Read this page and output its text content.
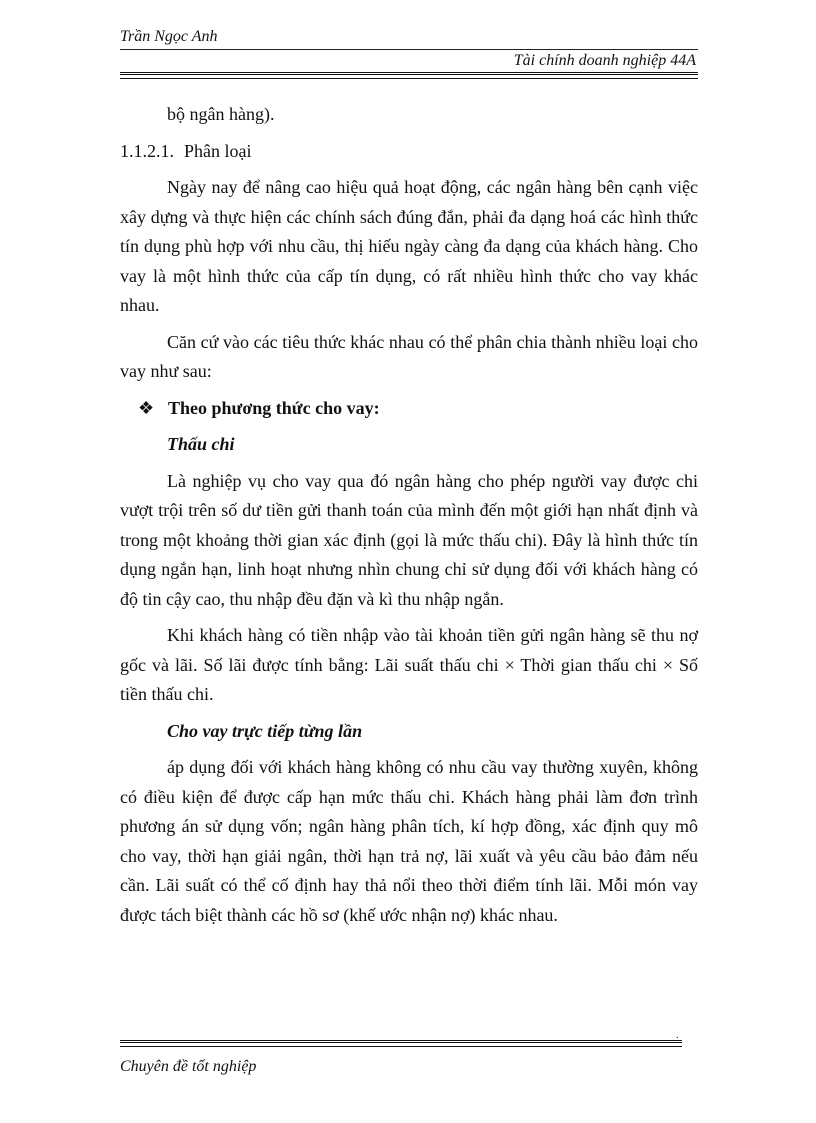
Trần Ngọc Anh
Tài chính doanh nghiệp 44A

bộ ngân hàng).

1.1.2.1. Phân loại

Ngày nay để nâng cao hiệu quả hoạt động, các ngân hàng bên cạnh việc xây dựng và thực hiện các chính sách đúng đắn, phải đa dạng hoá các hình thức tín dụng phù hợp với nhu cầu, thị hiếu ngày càng đa dạng của khách hàng. Cho vay là một hình thức của cấp tín dụng, có rất nhiều hình thức cho vay khác nhau.

Căn cứ vào các tiêu thức khác nhau có thể phân chia thành nhiều loại cho vay như sau:

❖ Theo phương thức cho vay:
Thấu chi

Là nghiệp vụ cho vay qua đó ngân hàng cho phép người vay được chi vượt trội trên số dư tiền gửi thanh toán của mình đến một giới hạn nhất định và trong một khoảng thời gian xác định (gọi là mức thấu chi). Đây là hình thức tín dụng ngắn hạn, linh hoạt nhưng nhìn chung chỉ sử dụng đối với khách hàng có độ tin cậy cao, thu nhập đều đặn và kì thu nhập ngắn.

Khi khách hàng có tiền nhập vào tài khoản tiền gửi ngân hàng sẽ thu nợ gốc và lãi. Số lãi được tính bằng: Lãi suất thấu chi × Thời gian thấu chi × Số tiền thấu chi.

Cho vay trực tiếp từng lần

áp dụng đối với khách hàng không có nhu cầu vay thường xuyên, không có điều kiện để được cấp hạn mức thấu chi. Khách hàng phải làm đơn trình phương án sử dụng vốn; ngân hàng phân tích, kí hợp đồng, xác định quy mô cho vay, thời hạn giải ngân, thời hạn trả nợ, lãi xuất và yêu cầu bảo đảm nếu cần. Lãi suất có thể cố định hay thả nổi theo thời điểm tính lãi. Mỗi món vay được tách biệt thành các hồ sơ (khế ước nhận nợ) khác nhau.

.
Chuyên đề tốt nghiệp
